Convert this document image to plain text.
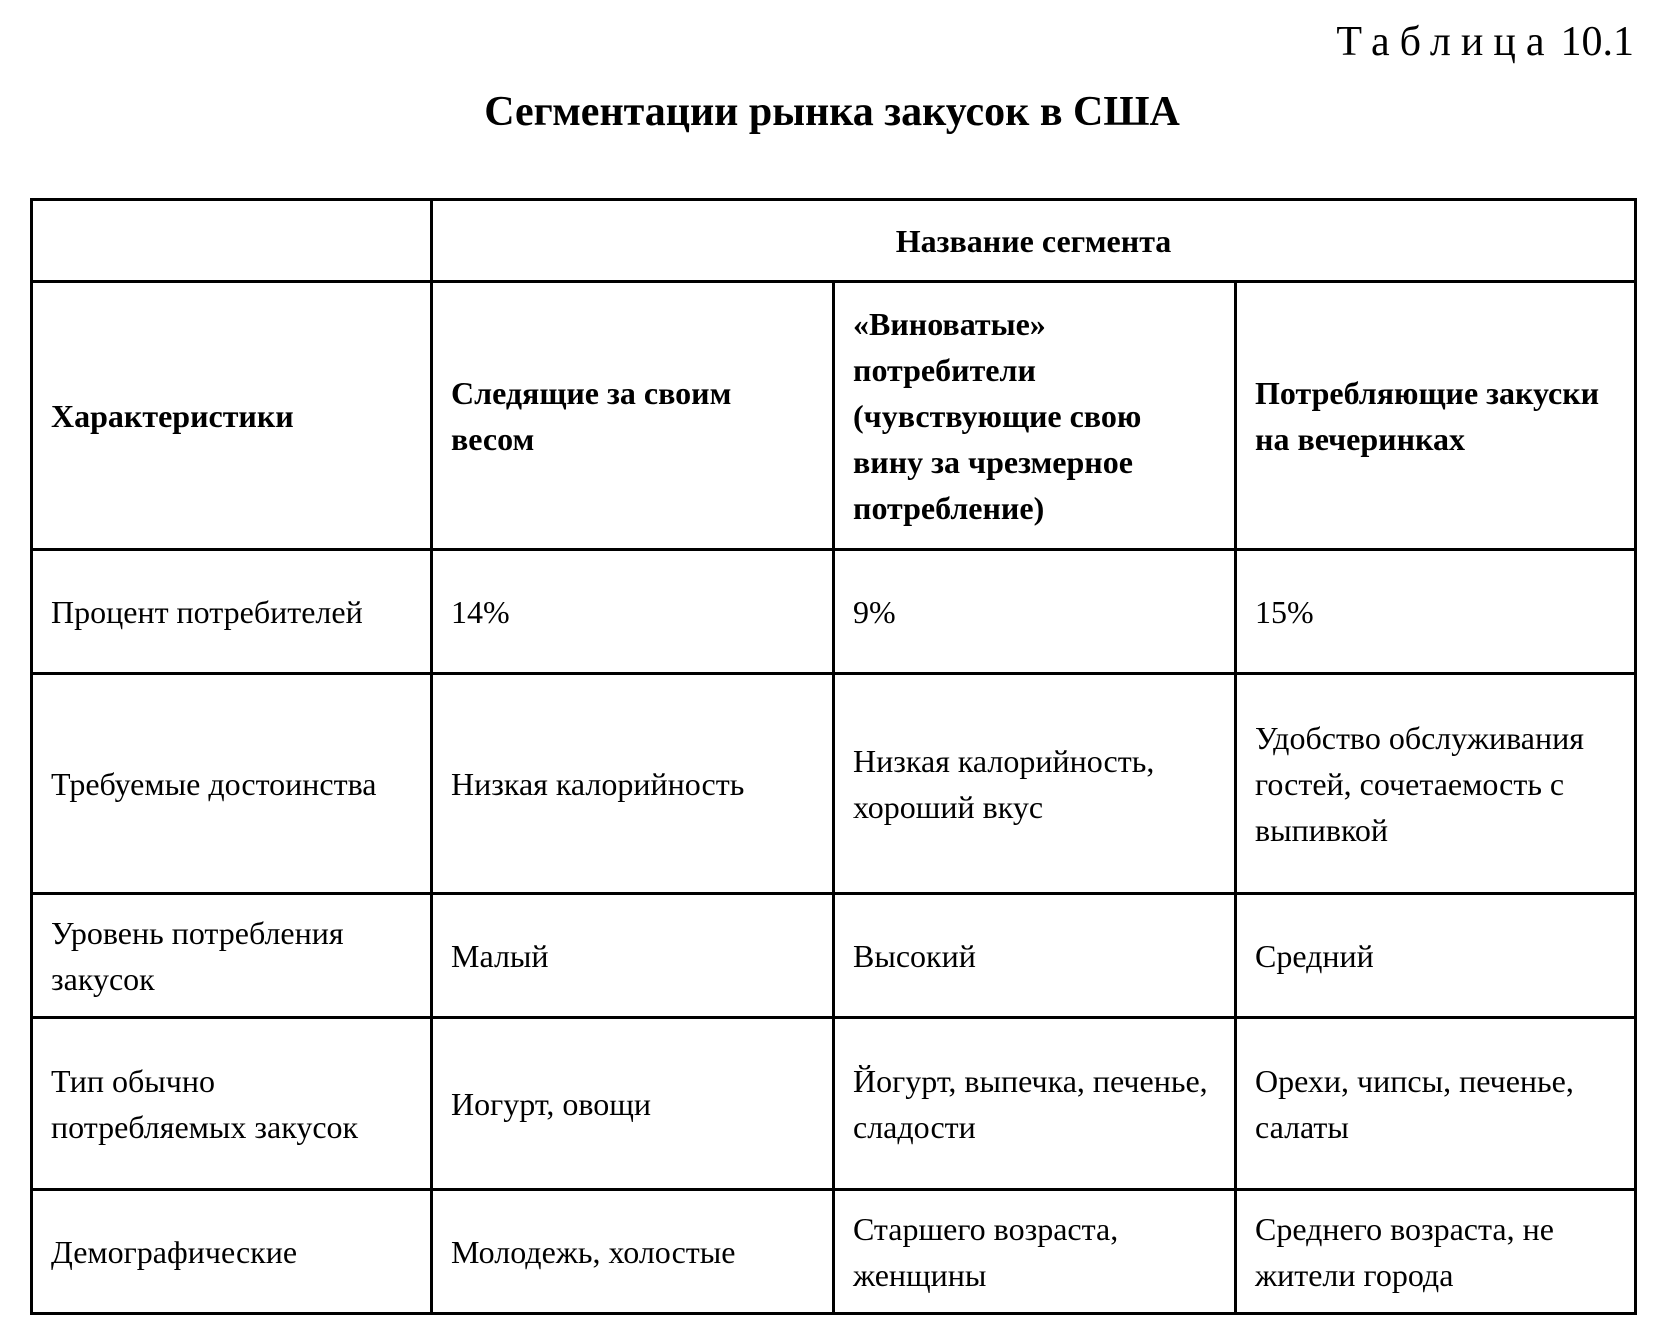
Таблица 10.1
Сегментации рынка закусок в США
	Название сегмента		
Характеристики	Следящие за своим весом	«Виноватые» потребители (чувствующие свою вину за чрезмерное потребление)	Потребляющие закуски на вечеринках
Процент потребителей	14%	9%	15%
Требуемые достоинства	Низкая калорийность	Низкая калорийность, хороший вкус	Удобство обслуживания гостей, сочетаемость с выпивкой
Уровень потребления закусок	Малый	Высокий	Средний
Тип обычно потребляемых закусок	Иогурт, овощи	Йогурт, выпечка, печенье, сладости	Орехи, чипсы, печенье, салаты
Демографические	Молодежь, холостые	Старшего возраста, женщины	Среднего возраста, не жители города
